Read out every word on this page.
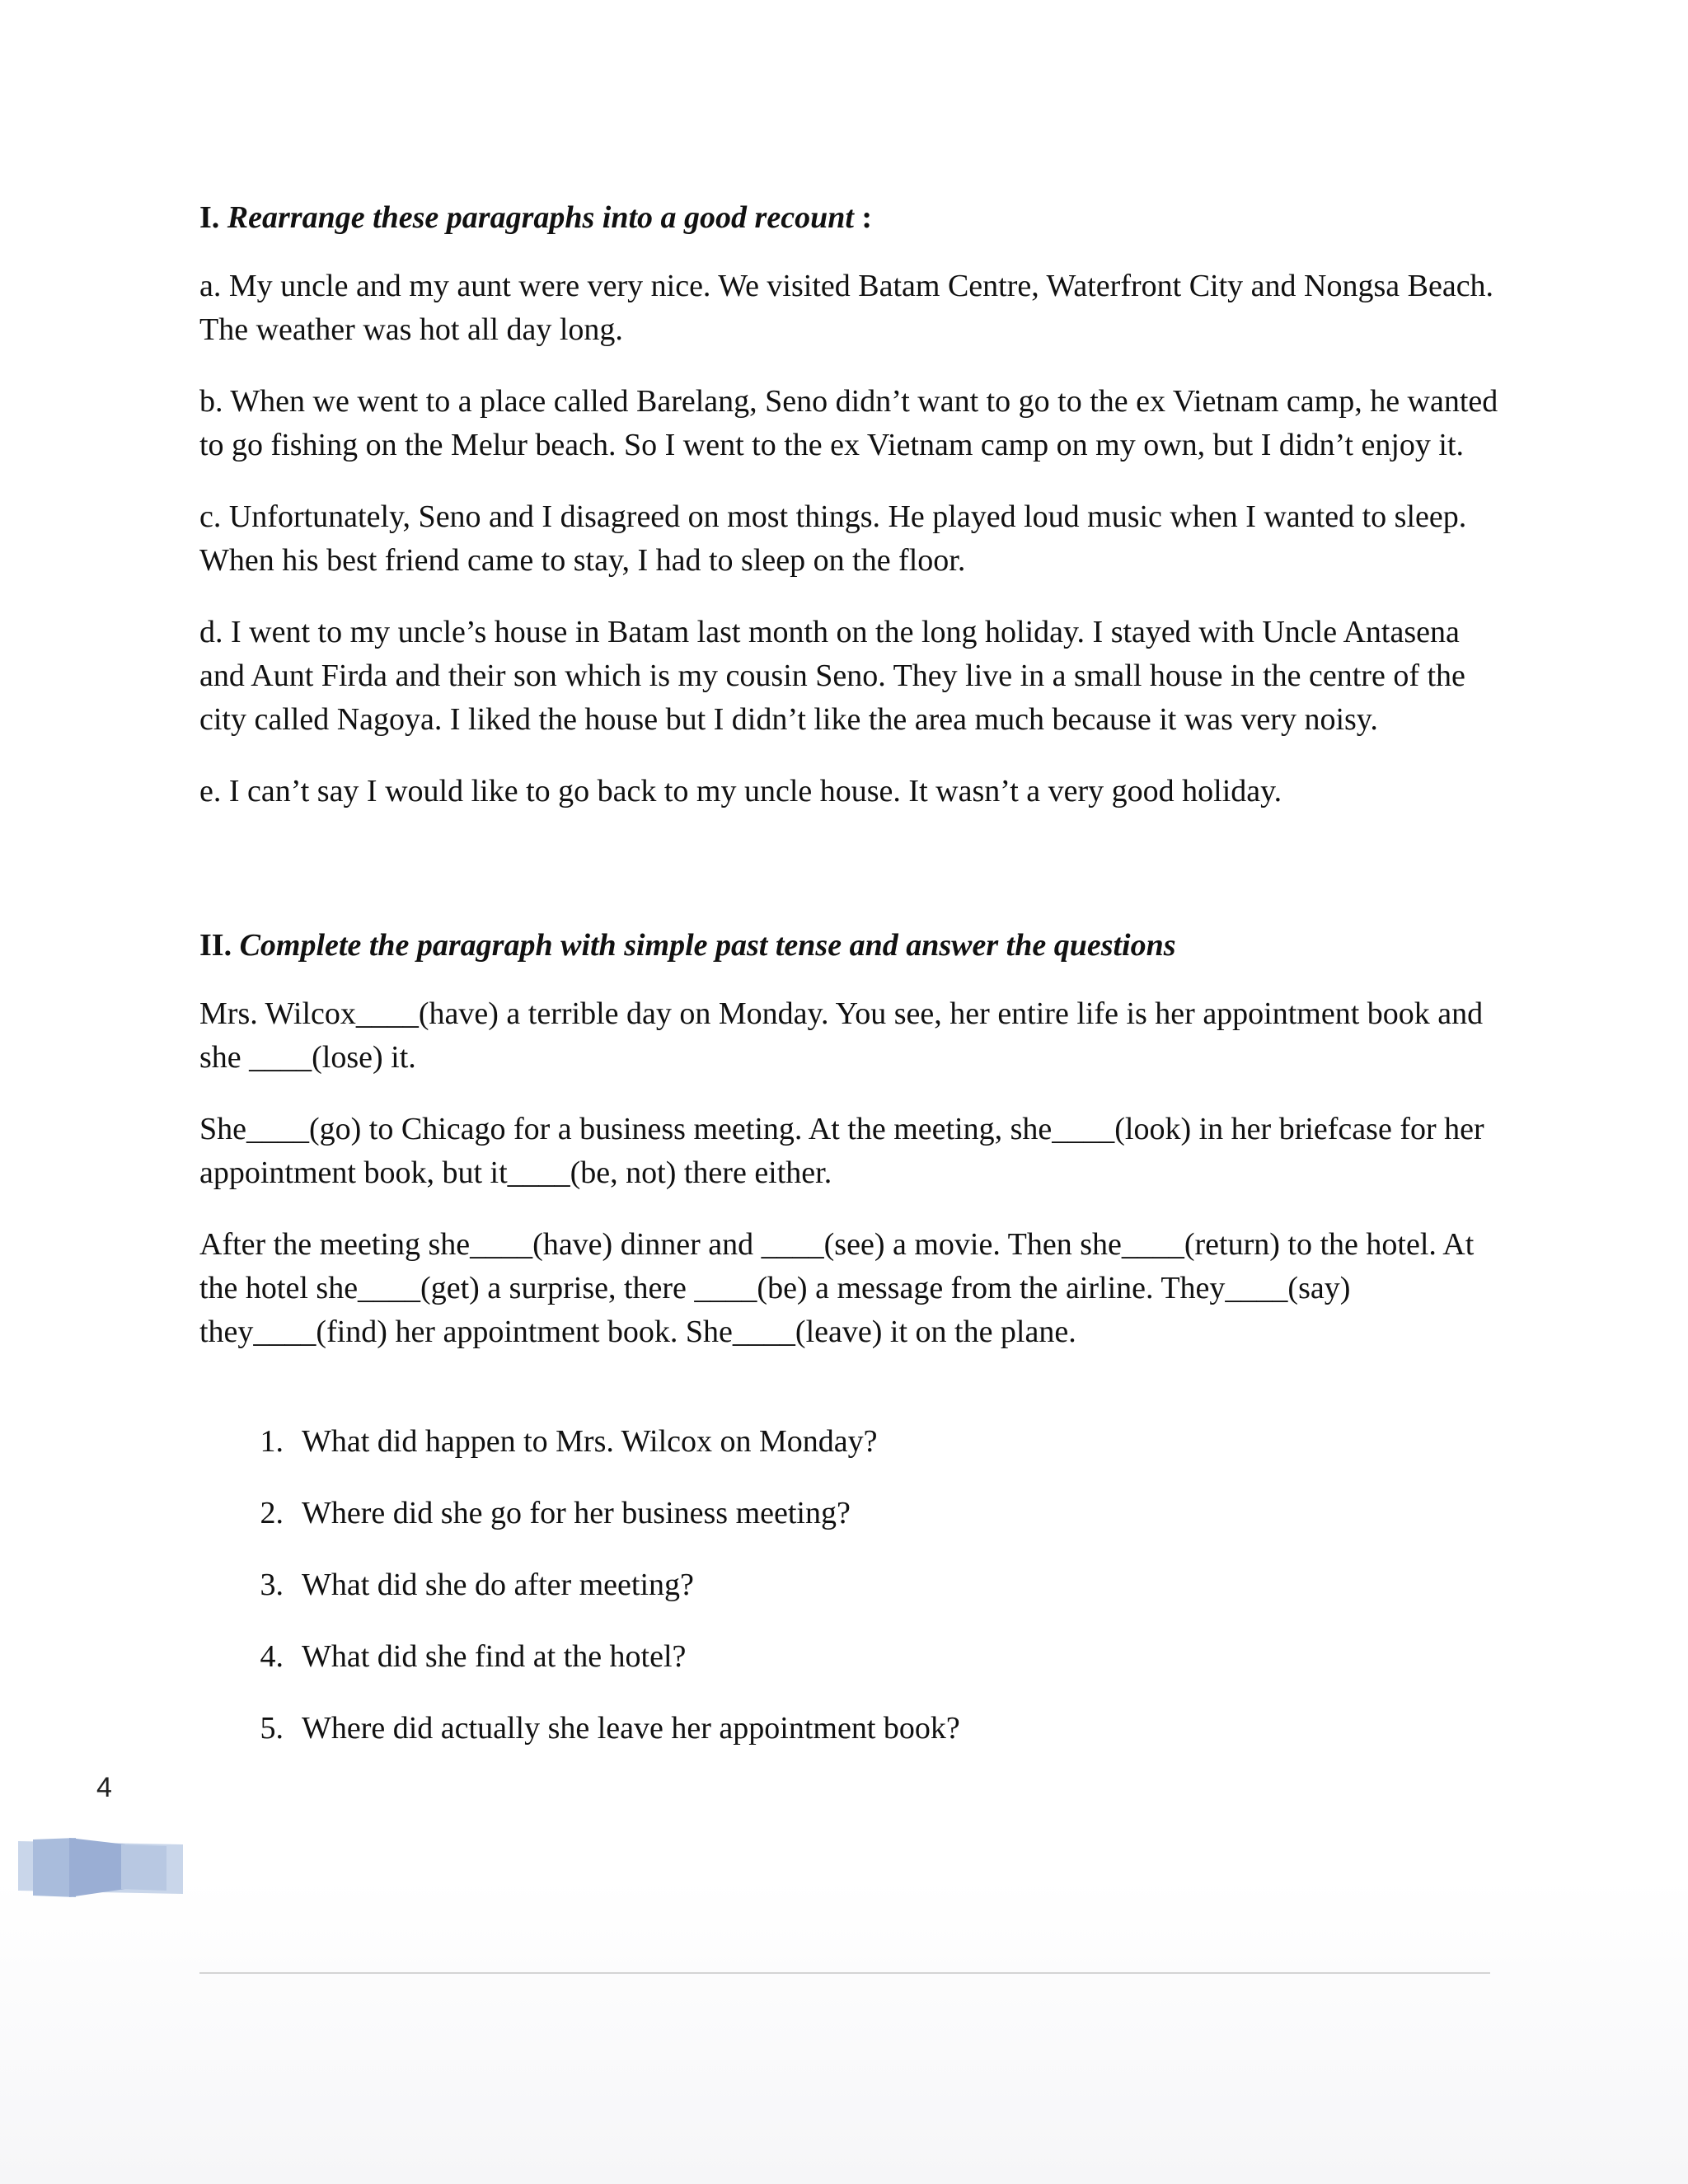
I. Rearrange these paragraphs into a good recount :

a. My uncle and my aunt were very nice. We visited Batam Centre, Waterfront City and Nongsa Beach. The weather was hot all day long.

b. When we went to a place called Barelang, Seno didn’t want to go to the ex Vietnam camp, he wanted to go fishing on the Melur beach. So I went to the ex Vietnam camp on my own, but I didn’t enjoy it.

c. Unfortunately, Seno and I disagreed on most things. He played loud music when I wanted to sleep. When his best friend came to stay, I had to sleep on the floor.

d. I went to my uncle’s house in Batam last month on the long holiday. I stayed with Uncle Antasena and Aunt Firda and their son which is my cousin Seno. They live in a small house in the centre of the city called Nagoya. I liked the house but I didn’t like the area much because it was very noisy.

e. I can’t say I would like to go back to my uncle house. It wasn’t a very good holiday.

II. Complete the paragraph with simple past tense and answer the questions

Mrs. Wilcox____(have) a terrible day on Monday. You see, her entire life is her appointment book and she ____(lose) it.

She____(go) to Chicago for a business meeting. At the meeting, she____(look) in her briefcase for her appointment book, but it____(be, not) there either.

After the meeting she____(have) dinner and ____(see) a movie. Then she____(return) to the hotel. At the hotel she____(get) a surprise, there ____(be) a message from the airline. They____(say) they____(find) her appointment book. She____(leave) it on the plane.

1. What did happen to Mrs. Wilcox on Monday?
2. Where did she go for her business meeting?
3. What did she do after meeting?
4. What did she find at the hotel?
5. Where did actually she leave her appointment book?
4
